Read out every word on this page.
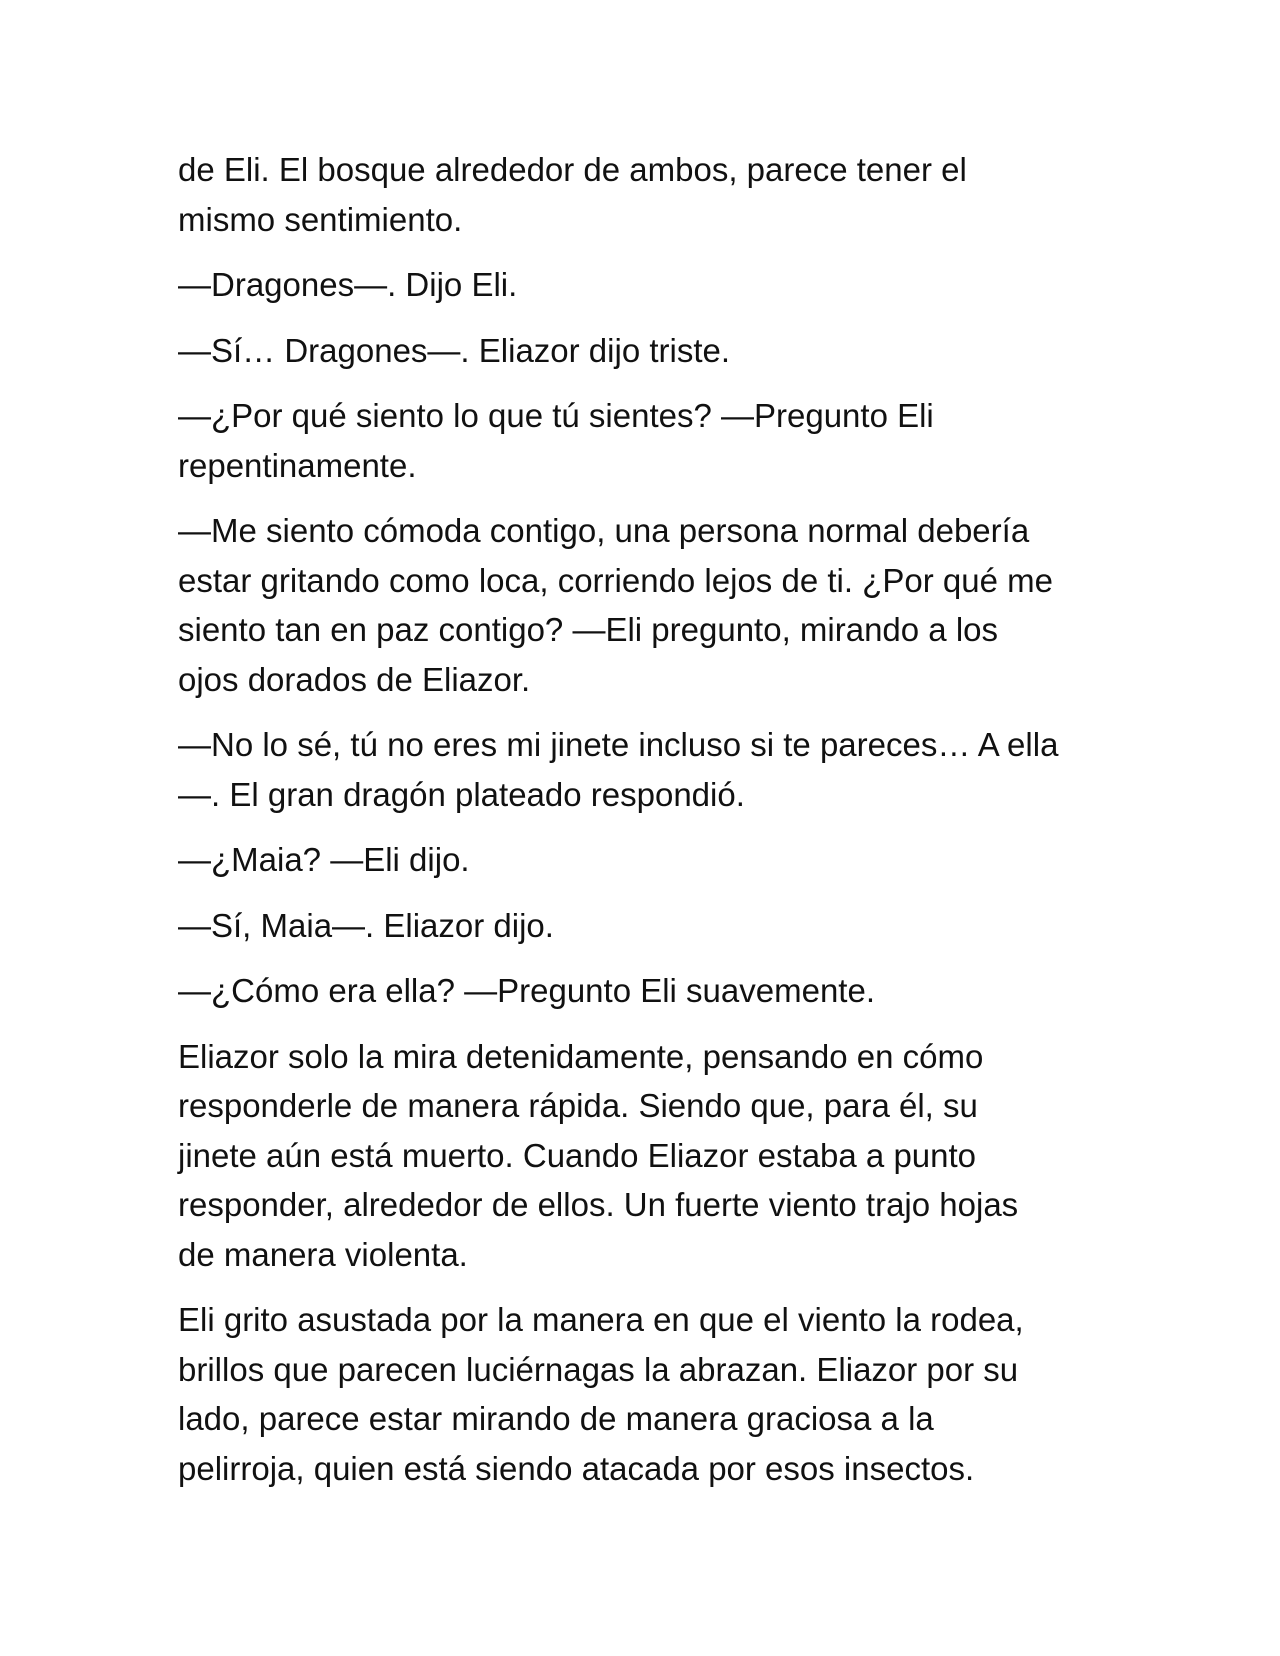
de Eli. El bosque alrededor de ambos, parece tener el
mismo sentimiento.

—Dragones—. Dijo Eli.

—Sí… Dragones—. Eliazor dijo triste.

—¿Por qué siento lo que tú sientes? —Pregunto Eli
repentinamente.

—Me siento cómoda contigo, una persona normal debería
estar gritando como loca, corriendo lejos de ti. ¿Por qué me
siento tan en paz contigo? —Eli pregunto, mirando a los
ojos dorados de Eliazor.

—No lo sé, tú no eres mi jinete incluso si te pareces… A ella
—. El gran dragón plateado respondió.

—¿Maia? —Eli dijo.

—Sí, Maia—. Eliazor dijo.

—¿Cómo era ella? —Pregunto Eli suavemente.

Eliazor solo la mira detenidamente, pensando en cómo
responderle de manera rápida. Siendo que, para él, su
jinete aún está muerto. Cuando Eliazor estaba a punto
responder, alrededor de ellos. Un fuerte viento trajo hojas
de manera violenta.

Eli grito asustada por la manera en que el viento la rodea,
brillos que parecen luciérnagas la abrazan. Eliazor por su
lado, parece estar mirando de manera graciosa a la
pelirroja, quien está siendo atacada por esos insectos.
